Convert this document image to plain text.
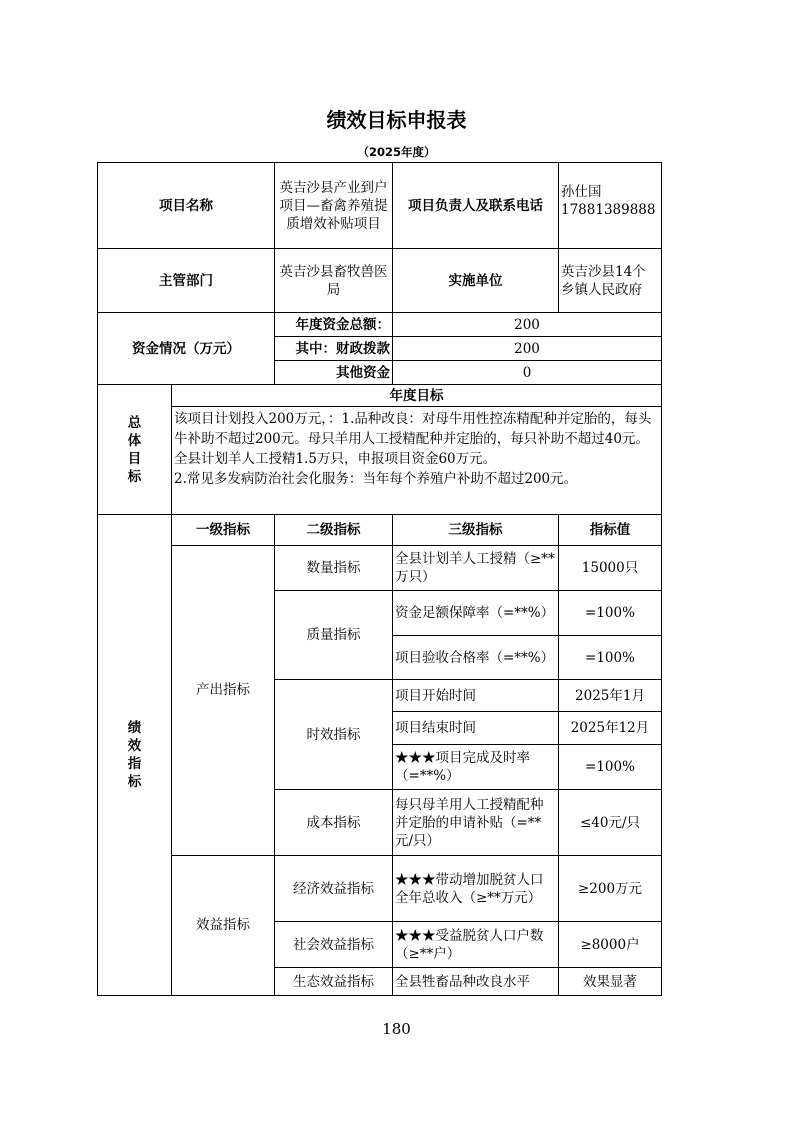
绩效目标申报表
（2025年度）
项目名称		英吉沙县产业到户项目—畜禽养殖提质增效补贴项目	项目负责人及联系电话	孙仕国17881389888
主管部门		英吉沙县畜牧兽医局	实施单位	英吉沙县14个乡镇人民政府
资金情况（万元）		年度资金总额：	200	
		其中：财政拨款	200	
		其他资金	0	
总体目标	年度目标			

	该项目计划投入200万元，：1.品种改良：对母牛用性控冻精配种并定胎的，每头牛补助不超过200元。母只羊用人工授精配种并定胎的，每只补助不超过40元。全县计划羊人工授精1.5万只，申报项目资金60万元。
2.常见多发病防治社会化服务：当年每个养殖户补助不超过200元。			

绩效指标	一级指标	二级指标	三级指标	指标值
	产出指标	数量指标	全县计划羊人工授精（≥**万只）	15000只
		质量指标	资金足额保障率（=**%）	=100%
			项目验收合格率（=**%）	=100%
		时效指标	项目开始时间	2025年1月
			项目结束时间	2025年12月
			★★★项目完成及时率（=**%）	=100%
		成本指标	每只母羊用人工授精配种并定胎的申请补贴（=**元/只）	≤40元/只
	效益指标	经济效益指标	★★★带动增加脱贫人口全年总收入（≥**万元）	≥200万元
		社会效益指标	★★★受益脱贫人口户数（≥**户）	≥8000户
		生态效益指标	全县牲畜品种改良水平	效果显著
180
